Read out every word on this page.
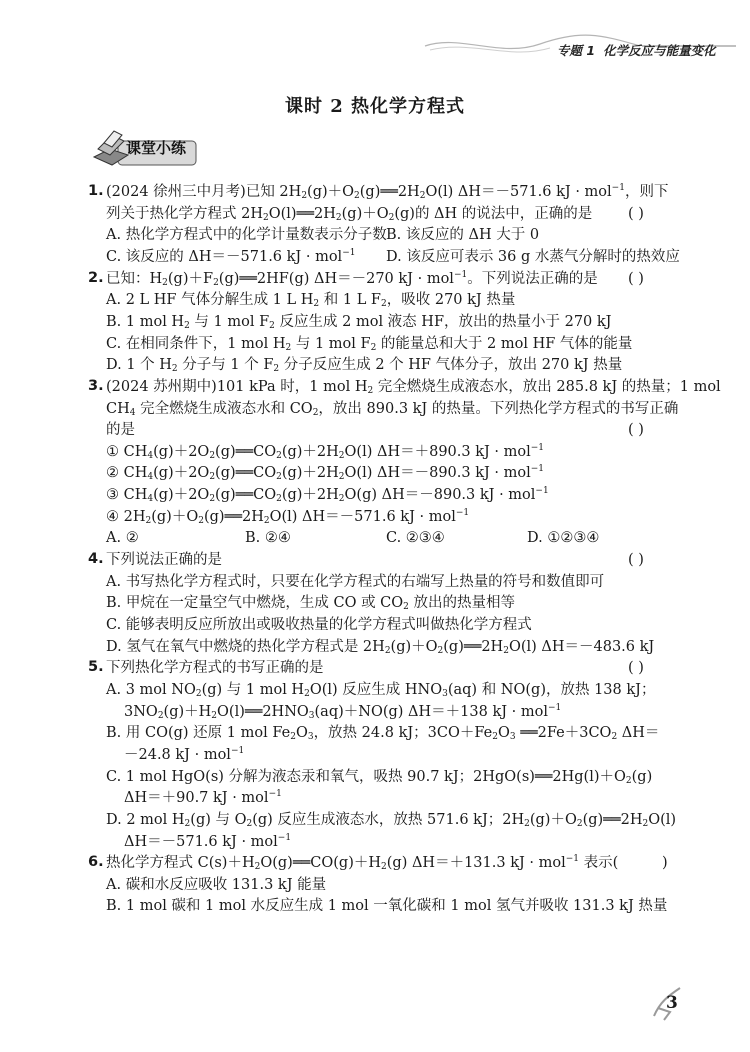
专题 1 化学反应与能量变化
课时 2 热化学方程式
课堂小练
1. (2024 徐州三中月考)已知 $2H_2(g)+O_2(g)══2H_2O(l)$ ΔH＝－571.6 kJ · mol$^{-1}$，则下
列关于热化学方程式 $2H_2O(l)══2H_2(g)+O_2(g)$的 ΔH 的说法中，正确的是 ( )
A. 热化学方程式中的化学计量数表示分子数 B. 该反应的 ΔH 大于 0
C. 该反应的 ΔH＝－571.6 kJ · mol$^{-1}$ D. 该反应可表示 36 g 水蒸气分解时的热效应
2. 已知：$H_2(g)+F_2(g)══2HF(g)$ ΔH＝－270 kJ · mol$^{-1}$。下列说法正确的是 ( )
A. 2 L HF 气体分解生成 1 L $H_2$ 和 1 L $F_2$，吸收 270 kJ 热量
B. 1 mol $H_2$ 与 1 mol $F_2$ 反应生成 2 mol 液态 HF，放出的热量小于 270 kJ
C. 在相同条件下，1 mol $H_2$ 与 1 mol $F_2$ 的能量总和大于 2 mol HF 气体的能量
D. 1 个 $H_2$ 分子与 1 个 $F_2$ 分子反应生成 2 个 HF 气体分子，放出 270 kJ 热量
3. (2024 苏州期中)101 kPa 时，1 mol $H_2$ 完全燃烧生成液态水，放出 285.8 kJ 的热量；1 mol
$CH_4$ 完全燃烧生成液态水和 $CO_2$，放出 890.3 kJ 的热量。下列热化学方程式的书写正确
的是	( )
① $CH_4(g)+2O_2(g)══CO_2(g)+2H_2O(l)$ ΔH＝＋890.3 kJ · mol$^{-1}$
② $CH_4(g)+2O_2(g)══CO_2(g)+2H_2O(l)$ ΔH＝－890.3 kJ · mol$^{-1}$
③ $CH_4(g)+2O_2(g)══CO_2(g)+2H_2O(g)$ ΔH＝－890.3 kJ · mol$^{-1}$
④ $2H_2(g)+O_2(g)══2H_2O(l)$ ΔH＝－571.6 kJ · mol$^{-1}$
A. ②	B. ②④	C. ②③④	D. ①②③④
4. 下列说法正确的是	( )
A. 书写热化学方程式时，只要在化学方程式的右端写上热量的符号和数值即可
B. 甲烷在一定量空气中燃烧，生成 CO 或 $CO_2$ 放出的热量相等
C. 能够表明反应所放出或吸收热量的化学方程式叫做热化学方程式
D. 氢气在氧气中燃烧的热化学方程式是 $2H_2(g)+O_2(g)══2H_2O(l)$ ΔH＝－483.6 kJ
5. 下列热化学方程式的书写正确的是	( )
A. 3 mol $NO_2(g)$ 与 1 mol $H_2O(l)$ 反应生成 $HNO_3(aq)$ 和 NO(g)，放热 138 kJ；
$3NO_2(g)+H_2O(l)══2HNO_3(aq)+NO(g)$ ΔH＝＋138 kJ · mol$^{-1}$
B. 用 CO(g) 还原 1 mol $Fe_2O_3$，放热 24.8 kJ；$3CO+Fe_2O_3$ $══2Fe+3CO_2$ ΔH＝
－24.8 kJ · mol$^{-1}$
C. 1 mol HgO(s) 分解为液态汞和氧气，吸热 90.7 kJ；$2HgO(s)══2Hg(l)+O_2(g)$
ΔH＝＋90.7 kJ · mol$^{-1}$
D. 2 mol $H_2(g)$ 与 $O_2(g)$ 反应生成液态水，放热 571.6 kJ；$2H_2(g)+O_2(g)══2H_2O(l)$
ΔH＝－571.6 kJ · mol$^{-1}$
6. 热化学方程式 $C(s)+H_2O(g)══CO(g)+H_2(g)$ ΔH＝＋131.3 kJ · mol$^{-1}$ 表示(	)
A. 碳和水反应吸收 131.3 kJ 能量
B. 1 mol 碳和 1 mol 水反应生成 1 mol 一氧化碳和 1 mol 氢气并吸收 131.3 kJ 热量
3
